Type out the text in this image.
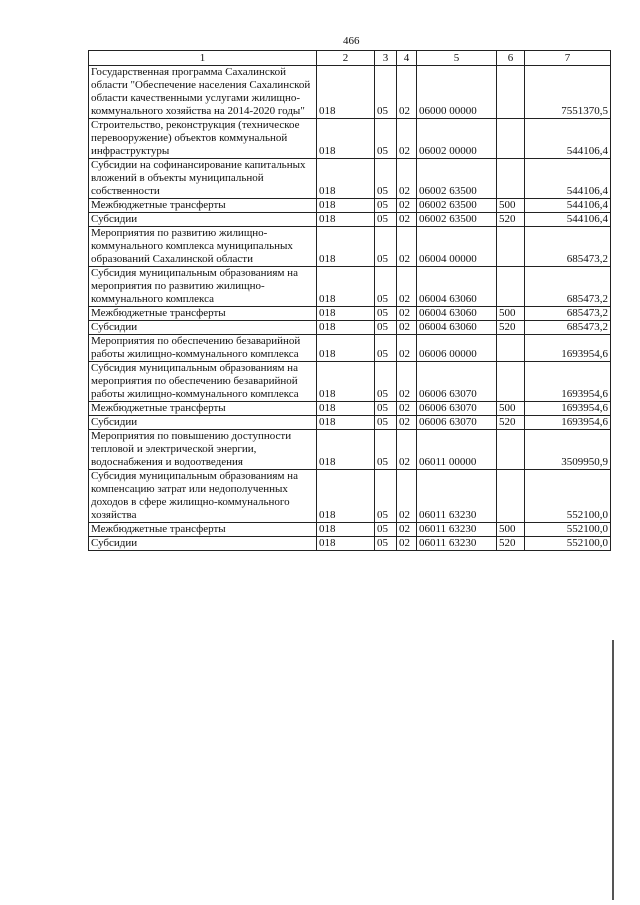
466
1	2	3	4	5	6	7
Государственная программа Сахалинской области "Обеспечение населения Сахалинской области качественными услугами жилищно-коммунального хозяйства на 2014-2020 годы"	018	05	02	06000 00000		7551370,5
Строительство, реконструкция (техническое перевооружение) объектов коммунальной инфраструктуры	018	05	02	06002 00000		544106,4
Субсидии на софинансирование капитальных вложений в объекты муниципальной собственности	018	05	02	06002 63500		544106,4
Межбюджетные трансферты	018	05	02	06002 63500	500	544106,4
Субсидии	018	05	02	06002 63500	520	544106,4
Мероприятия по развитию жилищно-коммунального комплекса муниципальных образований Сахалинской области	018	05	02	06004 00000		685473,2
Субсидия муниципальным образованиям на мероприятия по развитию жилищно-коммунального комплекса	018	05	02	06004 63060		685473,2
Межбюджетные трансферты	018	05	02	06004 63060	500	685473,2
Субсидии	018	05	02	06004 63060	520	685473,2
Мероприятия по обеспечению безаварийной работы жилищно-коммунального комплекса	018	05	02	06006 00000		1693954,6
Субсидия муниципальным образованиям на мероприятия по обеспечению безаварийной работы жилищно-коммунального комплекса	018	05	02	06006 63070		1693954,6
Межбюджетные трансферты	018	05	02	06006 63070	500	1693954,6
Субсидии	018	05	02	06006 63070	520	1693954,6
Мероприятия по повышению доступности тепловой и электрической энергии, водоснабжения и водоотведения	018	05	02	06011 00000		3509950,9
Субсидия муниципальным образованиям на компенсацию затрат или недополученных доходов в сфере жилищно-коммунального хозяйства	018	05	02	06011 63230		552100,0
Межбюджетные трансферты	018	05	02	06011 63230	500	552100,0
Субсидии	018	05	02	06011 63230	520	552100,0
